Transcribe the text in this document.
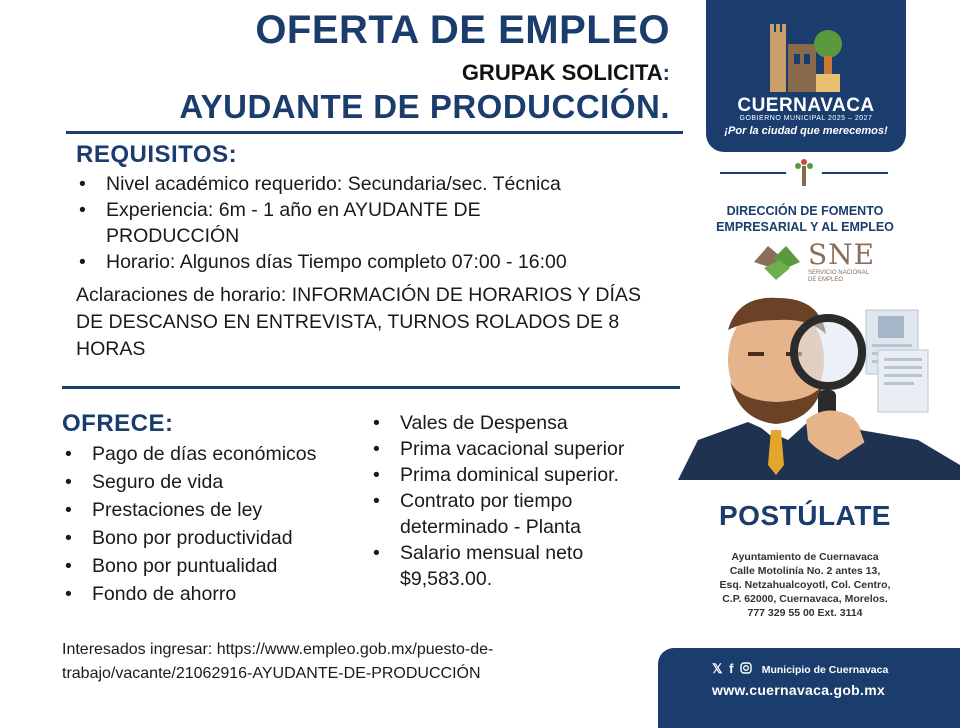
OFERTA DE EMPLEO
GRUPAK SOLICITA:
AYUDANTE DE PRODUCCIÓN.
REQUISITOS:
• Nivel académico requerido: Secundaria/sec. Técnica
• Experiencia: 6m - 1 año en AYUDANTE DE PRODUCCIÓN
• Horario: Algunos días Tiempo completo 07:00 - 16:00
Aclaraciones de horario: INFORMACIÓN DE HORARIOS Y DÍAS DE DESCANSO EN ENTREVISTA, TURNOS ROLADOS DE 8 HORAS
OFRECE:
• Pago de días económicos
• Seguro de vida
• Prestaciones de ley
• Bono por productividad
• Bono por puntualidad
• Fondo de ahorro
• Vales de Despensa
• Prima vacacional superior
• Prima dominical superior.
• Contrato por tiempo determinado - Planta
• Salario mensual neto $9,583.00.
Interesados ingresar: https://www.empleo.gob.mx/puesto-de-trabajo/vacante/21062916-AYUDANTE-DE-PRODUCCIÓN
CUERNAVACA
GOBIERNO MUNICIPAL 2025 – 2027
¡Por la ciudad que merecemos!
DIRECCIÓN DE FOMENTO EMPRESARIAL Y AL EMPLEO
SNE
SERVICIO NACIONAL
DE EMPLEO
POSTÚLATE
Ayuntamiento de Cuernavaca
Calle Motolinía No. 2 antes 13,
Esq. Netzahualcoyotl, Col. Centro,
C.P. 62000, Cuernavaca, Morelos.
777 329 55 00 Ext. 3114
𝕏 f	Municipio de Cuernavaca
www.cuernavaca.gob.mx
